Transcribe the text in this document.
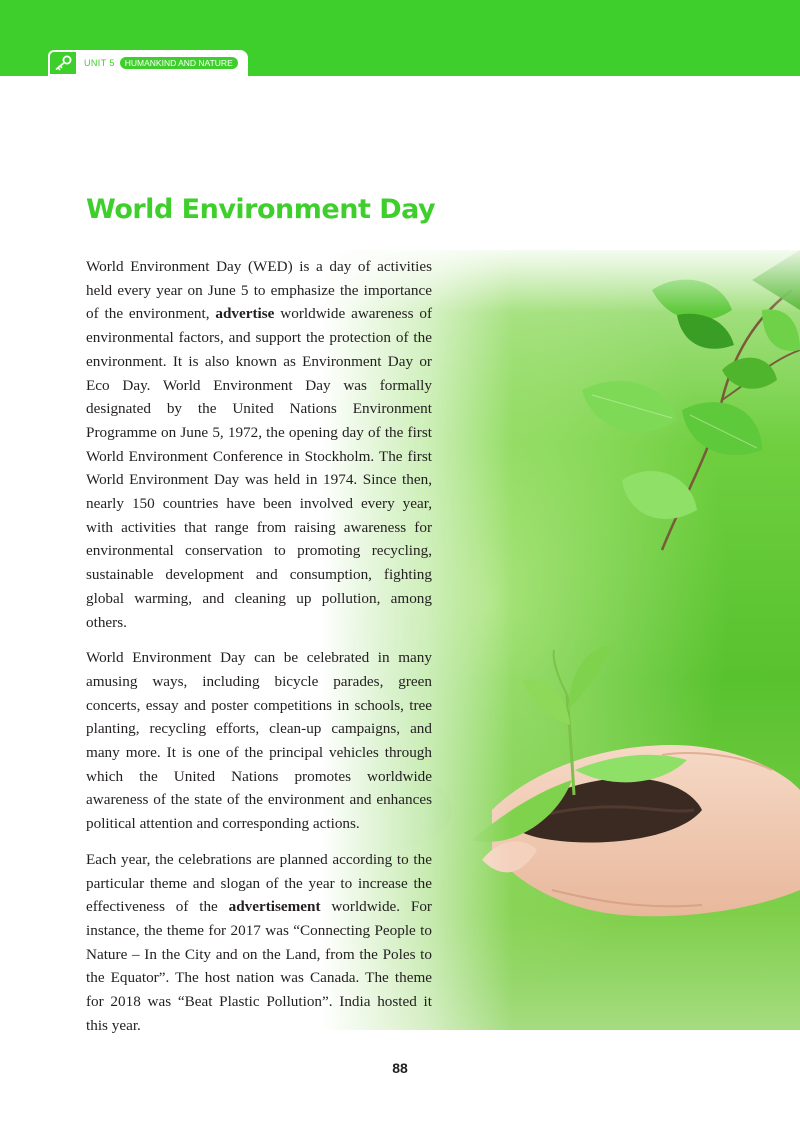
UNIT 5	HUMANKIND AND NATURE
World Environment Day

World Environment Day (WED) is a day of activities held every year on June 5 to emphasize the importance of the environment, advertise worldwide awareness of environmental factors, and support the protection of the environment. It is also known as Environment Day or Eco Day. World Environment Day was formally designated by the United Nations Environment Programme on June 5, 1972, the opening day of the first World Environment Conference in Stockholm. The first World Environment Day was held in 1974. Since then, nearly 150 countries have been involved every year, with activities that range from raising awareness for environmental conservation to promoting recycling, sustainable development and consumption, fighting global warming, and cleaning up pollution, among others.

World Environment Day can be celebrated in many amusing ways, including bicycle parades, green concerts, essay and poster competitions in schools, tree planting, recycling efforts, clean-up campaigns, and many more. It is one of the principal vehicles through which the United Nations promotes worldwide awareness of the state of the environment and enhances political attention and corresponding actions.

Each year, the celebrations are planned according to the particular theme and slogan of the year to increase the effectiveness of the advertisement worldwide. For instance, the theme for 2017 was “Connecting People to Nature – In the City and on the Land, from the Poles to the Equator”. The host nation was Canada. The theme for 2018 was “Beat Plastic Pollution”. India hosted it this year.

88
